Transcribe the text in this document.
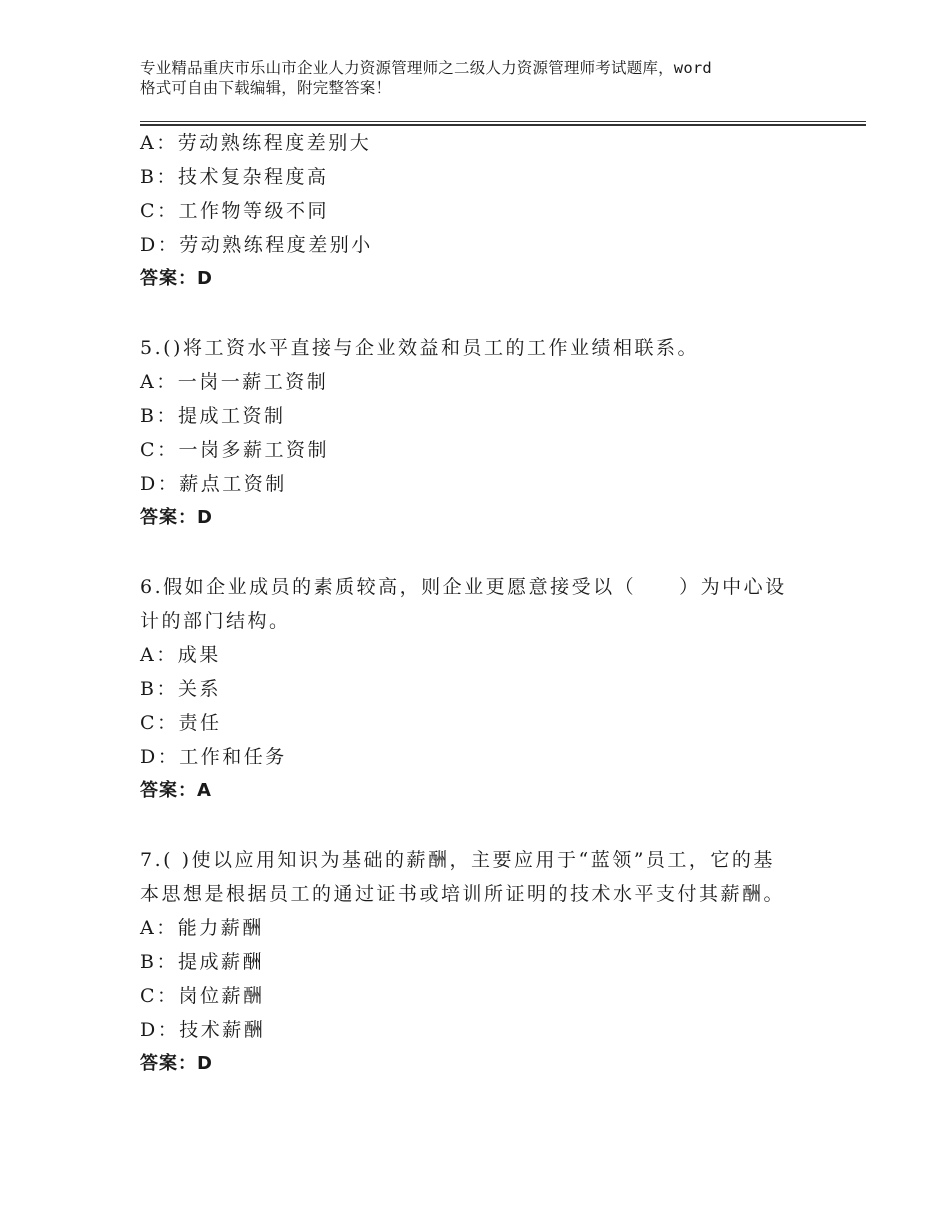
专业精品重庆市乐山市企业人力资源管理师之二级人力资源管理师考试题库，word
格式可自由下载编辑，附完整答案！
A：劳动熟练程度差别大
B：技术复杂程度高
C：工作物等级不同
D：劳动熟练程度差别小
答案：D
5.()将工资水平直接与企业效益和员工的工作业绩相联系。
A：一岗一薪工资制
B：提成工资制
C：一岗多薪工资制
D：薪点工资制
答案：D
6.假如企业成员的素质较高，则企业更愿意接受以（　　）为中心设
计的部门结构。
A：成果
B：关系
C：责任
D：工作和任务
答案：A
7.( )使以应用知识为基础的薪酬，主要应用于“蓝领”员工，它的基
本思想是根据员工的通过证书或培训所证明的技术水平支付其薪酬。
A：能力薪酬
B：提成薪酬
C：岗位薪酬
D：技术薪酬
答案：D
